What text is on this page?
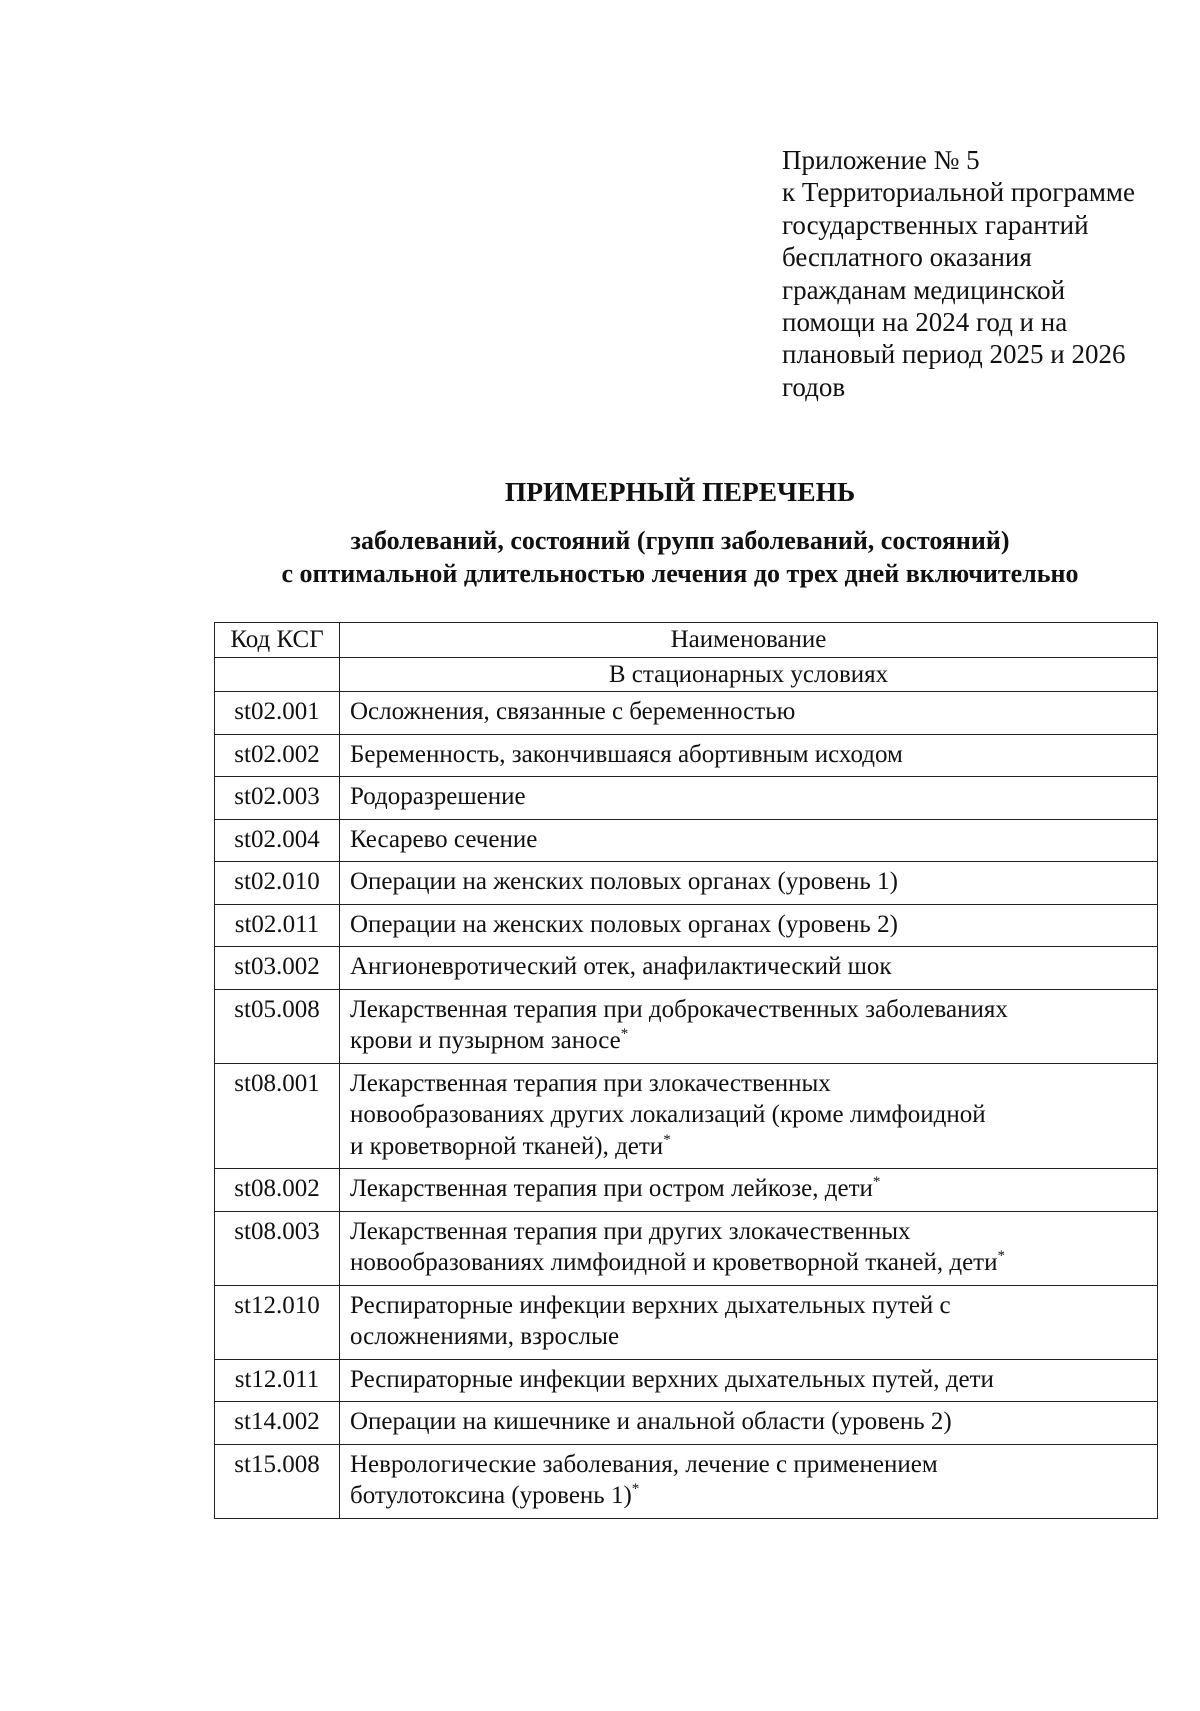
Приложение № 5
к Территориальной программе
государственных гарантий
бесплатного оказания
гражданам медицинской
помощи на 2024 год и на
плановый период 2025 и 2026
годов
ПРИМЕРНЫЙ ПЕРЕЧЕНЬ
заболеваний, состояний (групп заболеваний, состояний)
с оптимальной длительностью лечения до трех дней включительно
Код КСГ	Наименование
	В стационарных условиях
st02.001	Осложнения, связанные с беременностью

st02.002	Беременность, закончившаяся абортивным исходом

st02.003	Родоразрешение

st02.004	Кесарево сечение

st02.010	Операции на женских половых органах (уровень 1)

st02.011	Операции на женских половых органах (уровень 2)

st03.002	Ангионевротический отек, анафилактический шок

st05.008	Лекарственная терапия при доброкачественных заболеваниях
крови и пузырном заносе*

st08.001	Лекарственная терапия при злокачественных
новообразованиях других локализаций (кроме лимфоидной
и кроветворной тканей), дети*

st08.002	Лекарственная терапия при остром лейкозе, дети*

st08.003	Лекарственная терапия при других злокачественных
новообразованиях лимфоидной и кроветворной тканей, дети*

st12.010	Респираторные инфекции верхних дыхательных путей с
осложнениями, взрослые

st12.011	Респираторные инфекции верхних дыхательных путей, дети

st14.002	Операции на кишечнике и анальной области (уровень 2)

st15.008	Неврологические заболевания, лечение с применением
ботулотоксина (уровень 1)*
